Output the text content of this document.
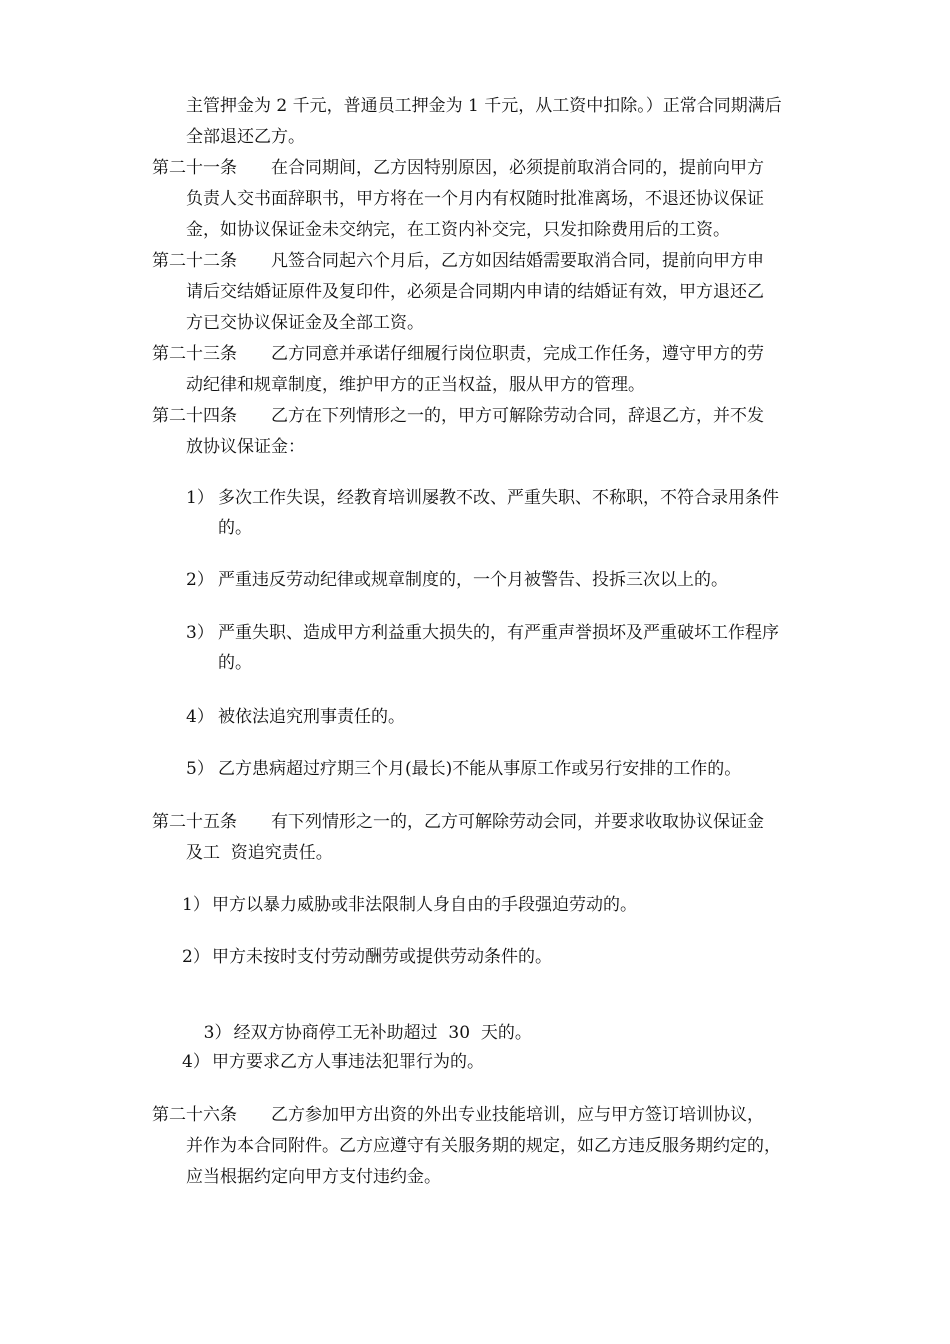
主管押金为 2 千元，普通员工押金为 1 千元，从工资中扣除。）正常合同期满后
全部退还乙方。
第二十一条 在合同期间，乙方因特别原因，必须提前取消合同的，提前向甲方
负责人交书面辞职书，甲方将在一个月内有权随时批准离场，不退还协议保证
金，如协议保证金未交纳完，在工资内补交完，只发扣除费用后的工资。
第二十二条 凡签合同起六个月后，乙方如因结婚需要取消合同，提前向甲方申
请后交结婚证原件及复印件，必须是合同期内申请的结婚证有效，甲方退还乙
方已交协议保证金及全部工资。
第二十三条 乙方同意并承诺仔细履行岗位职责，完成工作任务，遵守甲方的劳
动纪律和规章制度，维护甲方的正当权益，服从甲方的管理。
第二十四条 乙方在下列情形之一的，甲方可解除劳动合同，辞退乙方，并不发
放协议保证金：
1） 多次工作失误，经教育培训屡教不改、严重失职、不称职，不符合录用条件
的。
2） 严重违反劳动纪律或规章制度的，一个月被警告、投拆三次以上的。
3） 严重失职、造成甲方利益重大损失的，有严重声誉损坏及严重破坏工作程序
的。
4） 被依法追究刑事责任的。
5） 乙方患病超过疗期三个月(最长)不能从事原工作或另行安排的工作的。
第二十五条 有下列情形之一的，乙方可解除劳动会同，并要求收取协议保证金
及工  资追究责任。
1） 甲方以暴力威胁或非法限制人身自由的手段强迫劳动的。
2） 甲方未按时支付劳动酬劳或提供劳动条件的。

3） 经双方协商停工无补助超过  30  天的。

4） 甲方要求乙方人事违法犯罪行为的。
第二十六条 乙方参加甲方出资的外出专业技能培训，应与甲方签订培训协议，
并作为本合同附件。乙方应遵守有关服务期的规定，如乙方违反服务期约定的，
应当根据约定向甲方支付违约金。
